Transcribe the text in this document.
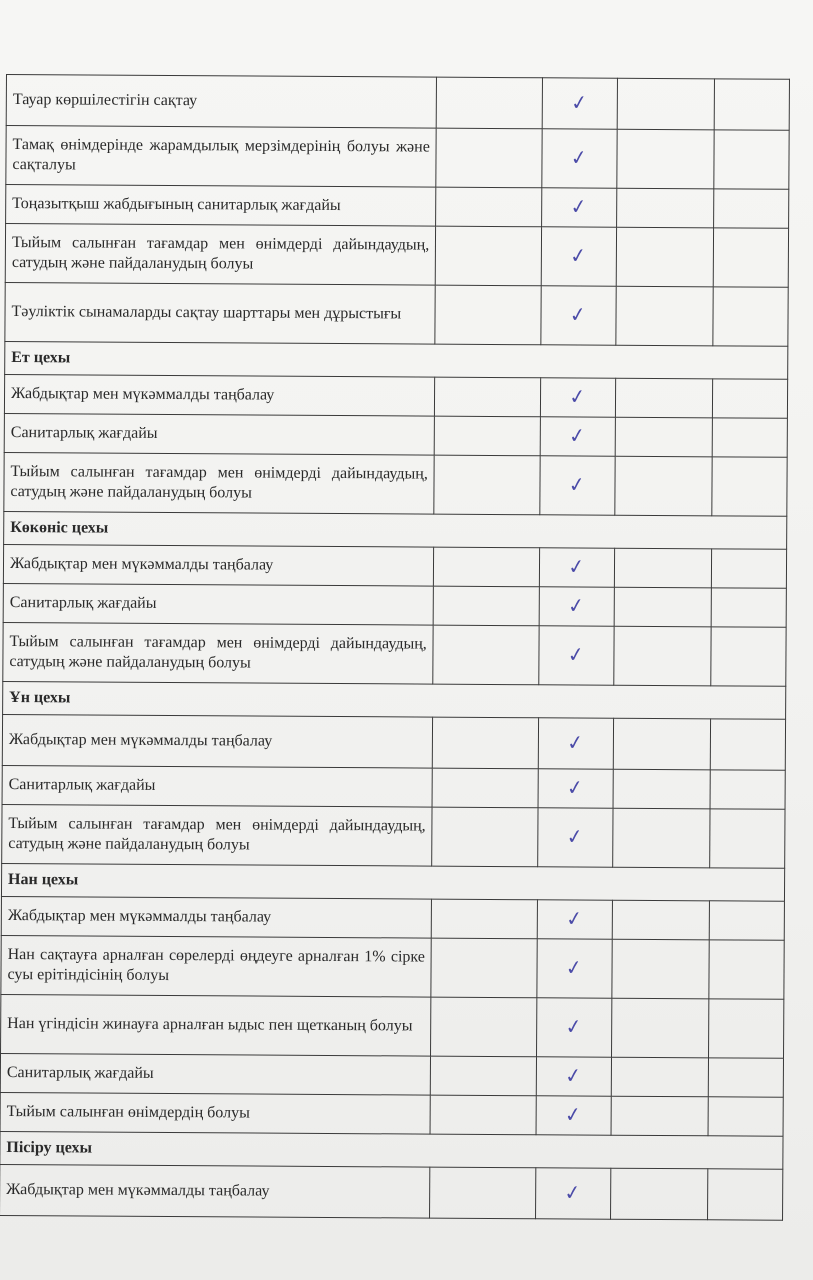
Тауар көршілестігін сақтау		✓		
Тамақ өнімдерінде жарамдылық мерзімдерінің болуы және сақталуы		✓		
Тоңазытқыш жабдығының санитарлық жағдайы		✓		
Тыйым салынған тағамдар мен өнімдерді дайындаудың, сатудың және пайдаланудың болуы		✓		
Тәуліктік сынамаларды сақтау шарттары мен дұрыстығы		✓		
Ет цехы				
Жабдықтар мен мүкәммалды таңбалау		✓		
Санитарлық жағдайы		✓		
Тыйым салынған тағамдар мен өнімдерді дайындаудың, сатудың және пайдаланудың болуы		✓		
Көкөніс цехы				
Жабдықтар мен мүкәммалды таңбалау		✓		
Санитарлық жағдайы		✓		
Тыйым салынған тағамдар мен өнімдерді дайындаудың, сатудың және пайдаланудың болуы		✓		
Ұн цехы				
Жабдықтар мен мүкәммалды таңбалау		✓		
Санитарлық жағдайы		✓		
Тыйым салынған тағамдар мен өнімдерді дайындаудың, сатудың және пайдаланудың болуы		✓		
Нан цехы				
Жабдықтар мен мүкәммалды таңбалау		✓		
Нан сақтауға арналған сөрелерді өңдеуге арналған 1% сірке суы ерітіндісінің болуы		✓		
Нан үгіндісін жинауға арналған ыдыс пен щетканың болуы		✓		
Санитарлық жағдайы		✓		
Тыйым салынған өнімдердің болуы		✓		
Пісіру цехы				
Жабдықтар мен мүкәммалды таңбалау		✓		
